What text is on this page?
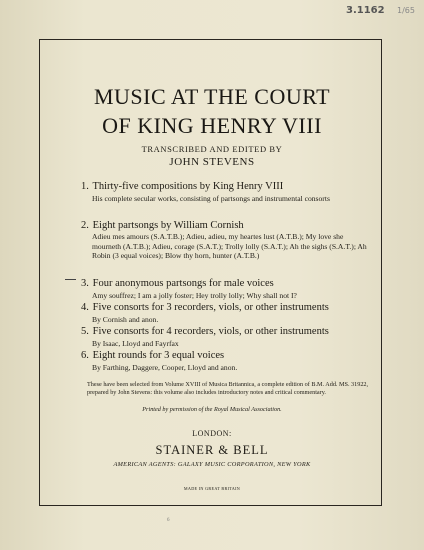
3.1162 1/65
MUSIC AT THE COURT
OF KING HENRY VIII
TRANSCRIBED AND EDITED BY
JOHN STEVENS
1. Thirty-five compositions by King Henry VIII
His complete secular works, consisting of partsongs and instrumental consorts
2. Eight partsongs by William Cornish
Adieu mes amours (S.A.T.B.); Adieu, adieu, my heartes lust (A.T.B.); My love she mourneth (A.T.B.); Adieu, corage (S.A.T.); Trolly lolly (S.A.T.); Ah the sighs (S.A.T.); Ah Robin (3 equal voices); Blow thy horn, hunter (A.T.B.)
3. Four anonymous partsongs for male voices
Amy souffrez; I am a jolly foster; Hey trolly lolly; Why shall not I?
4. Five consorts for 3 recorders, viols, or other instruments
By Cornish and anon.
5. Five consorts for 4 recorders, viols, or other instruments
By Isaac, Lloyd and Fayrfax
6. Eight rounds for 3 equal voices
By Farthing, Daggere, Cooper, Lloyd and anon.
These have been selected from Volume XVIII of Musica Britannica, a complete edition of B.M. Add. MS. 31922, prepared by John Stevens: this volume also includes introductory notes and critical commentary.
Printed by permission of the Royal Musical Association.
LONDON:
STAINER & BELL
AMERICAN AGENTS: GALAXY MUSIC CORPORATION, NEW YORK
MADE IN GREAT BRITAIN
6
